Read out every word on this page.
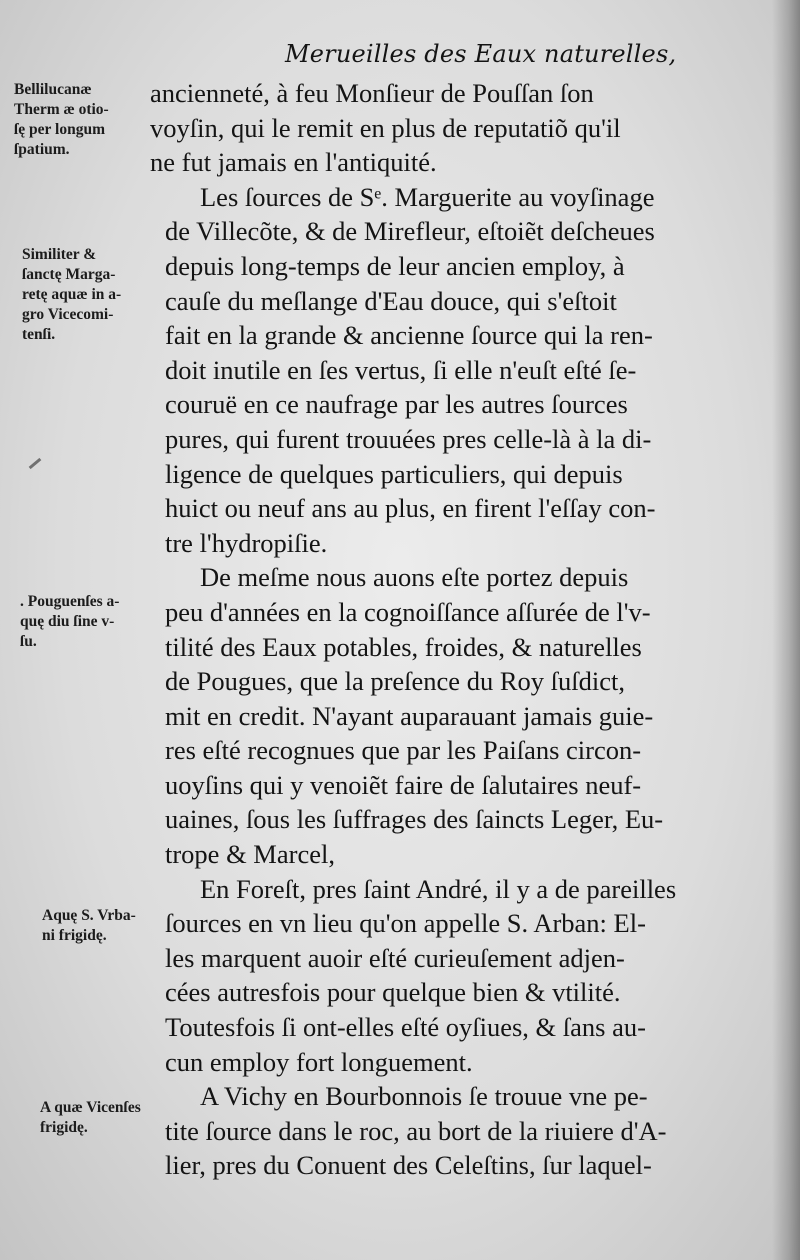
Merueilles des Eaux naturelles,
ancienneté, à feu Monſieur de Pouſſan ſon
voyſin, qui le remit en plus de reputatiõ qu'il
ne fut jamais en l'antiquité.
Les ſources de Sᵉ. Marguerite au voyſinage
de Villecõte, & de Mirefleur, eſtoiẽt deſcheues
depuis long-temps de leur ancien employ, à
cauſe du meſlange d'Eau douce, qui s'eſtoit
fait en la grande & ancienne ſource qui la ren-
doit inutile en ſes vertus, ſi elle n'euſt eſté ſe-
couruë en ce naufrage par les autres ſources
pures, qui furent trouuées pres celle-là à la di-
ligence de quelques particuliers, qui depuis
huict ou neuf ans au plus, en firent l'eſſay con-
tre l'hydropiſie.
De meſme nous auons eſte portez depuis
peu d'années en la cognoiſſance aſſurée de l'v-
tilité des Eaux potables, froides, & naturelles
de Pougues, que la preſence du Roy ſuſdict,
mit en credit. N'ayant auparauant jamais guie-
res eſté recognues que par les Paiſans circon-
uoyſins qui y venoiẽt faire de ſalutaires neuf-
uaines, ſous les ſuffrages des ſaincts Leger, Eu-
trope & Marcel,
En Foreſt, pres ſaint André, il y a de pareilles
ſources en vn lieu qu'on appelle S. Arban: El-
les marquent auoir eſté curieuſement adjen-
cées autresfois pour quelque bien & vtilité.
Toutesfois ſi ont-elles eſté oyſiues, & ſans au-
cun employ fort longuement.
A Vichy en Bourbonnois ſe trouue vne pe-
tite ſource dans le roc, au bort de la riuiere d'A-
lier, pres du Conuent des Celeſtins, ſur laquel-
Bellilucanæ
Therm æ otio-
ſę per longum
ſpatium.
Similiter &
ſanctę Marga-
retę aquæ in a-
gro Vicecomi-
tenſi.
. Pouguenſes a-
quę diu ſine v-
ſu.
Aquę S. Vrba-
ni frigidę.
A quæ Vicenſes
frigidę.
